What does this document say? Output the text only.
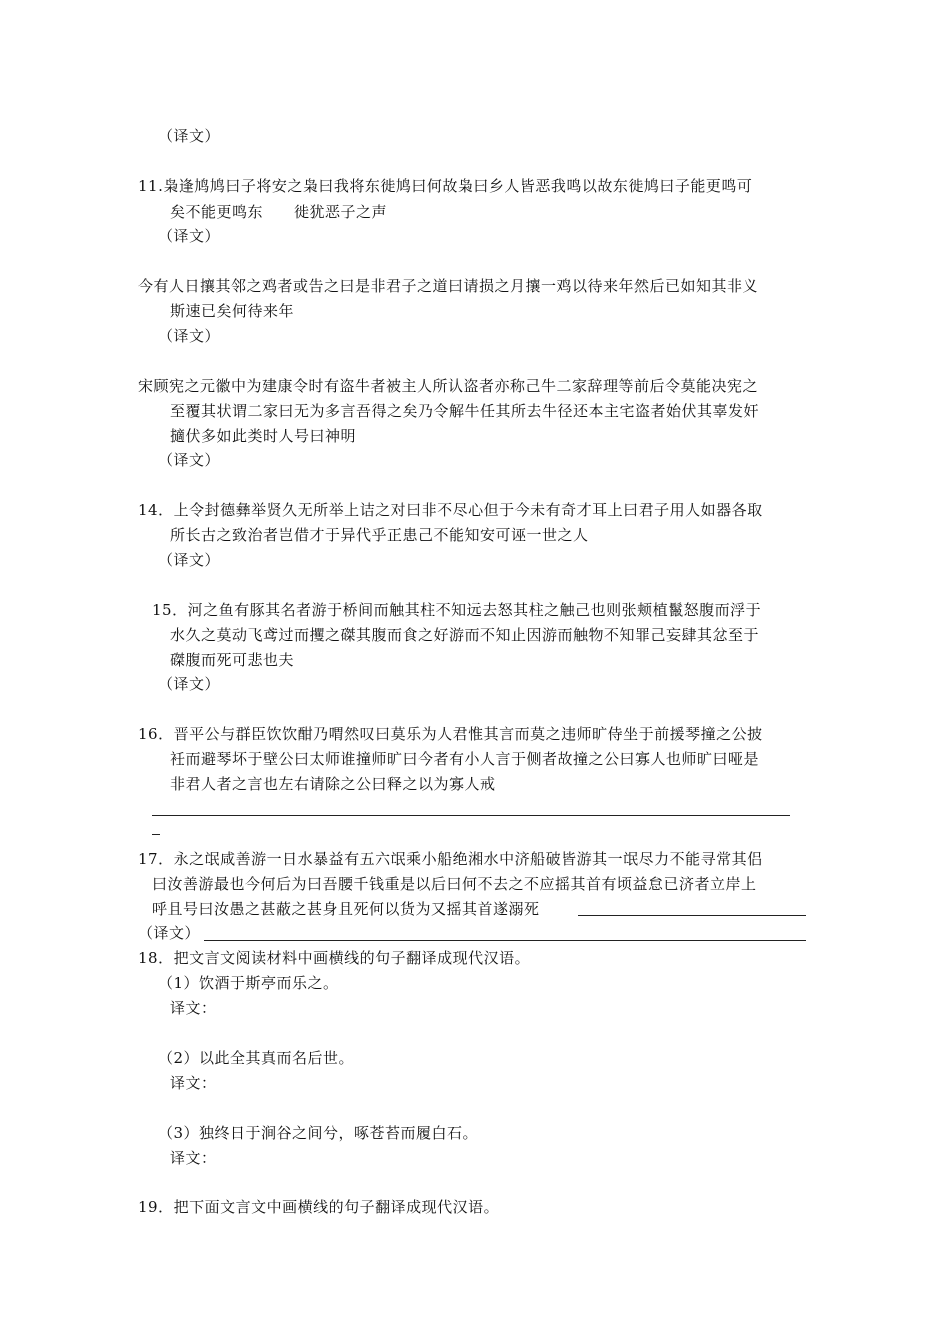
（译文）
11.枭逢鸠鸠曰子将安之枭曰我将东徙鸠曰何故枭曰乡人皆恶我鸣以故东徙鸠曰子能更鸣可
矣不能更鸣东　　徙犹恶子之声
（译文）
今有人日攘其邻之鸡者或告之曰是非君子之道曰请损之月攘一鸡以待来年然后已如知其非义
斯速已矣何待来年
（译文）
宋顾宪之元徽中为建康令时有盗牛者被主人所认盗者亦称己牛二家辞理等前后令莫能决宪之
至覆其状谓二家曰无为多言吾得之矣乃令解牛任其所去牛径还本主宅盗者始伏其辜发奸
擿伏多如此类时人号曰神明
（译文）
14．上令封德彝举贤久无所举上诘之对曰非不尽心但于今未有奇才耳上曰君子用人如器各取
所长古之致治者岂借才于异代乎正患己不能知安可诬一世之人
（译文）
15．河之鱼有豚其名者游于桥间而触其柱不知远去怒其柱之触己也则张颊植鬣怒腹而浮于
水久之莫动飞鸢过而攫之磔其腹而食之好游而不知止因游而触物不知罪己妄肆其忿至于
磔腹而死可悲也夫
（译文）
16．晋平公与群臣饮饮酣乃喟然叹曰莫乐为人君惟其言而莫之违师旷侍坐于前援琴撞之公披
衽而避琴坏于壁公曰太师谁撞师旷曰今者有小人言于侧者故撞之公曰寡人也师旷曰哑是
非君人者之言也左右请除之公曰释之以为寡人戒
17．永之氓咸善游一日水暴益有五六氓乘小船绝湘水中济船破皆游其一氓尽力不能寻常其侣
曰汝善游最也今何后为曰吾腰千钱重是以后曰何不去之不应摇其首有顷益怠已济者立岸上
呼且号曰汝愚之甚蔽之甚身且死何以货为又摇其首遂溺死
（译文）
18．把文言文阅读材料中画横线的句子翻译成现代汉语。
（1）饮酒于斯亭而乐之。
译文：
（2）以此全其真而名后世。
译文：
（3）独终日于涧谷之间兮，啄苍苔而履白石。
译文：
19．把下面文言文中画横线的句子翻译成现代汉语。
